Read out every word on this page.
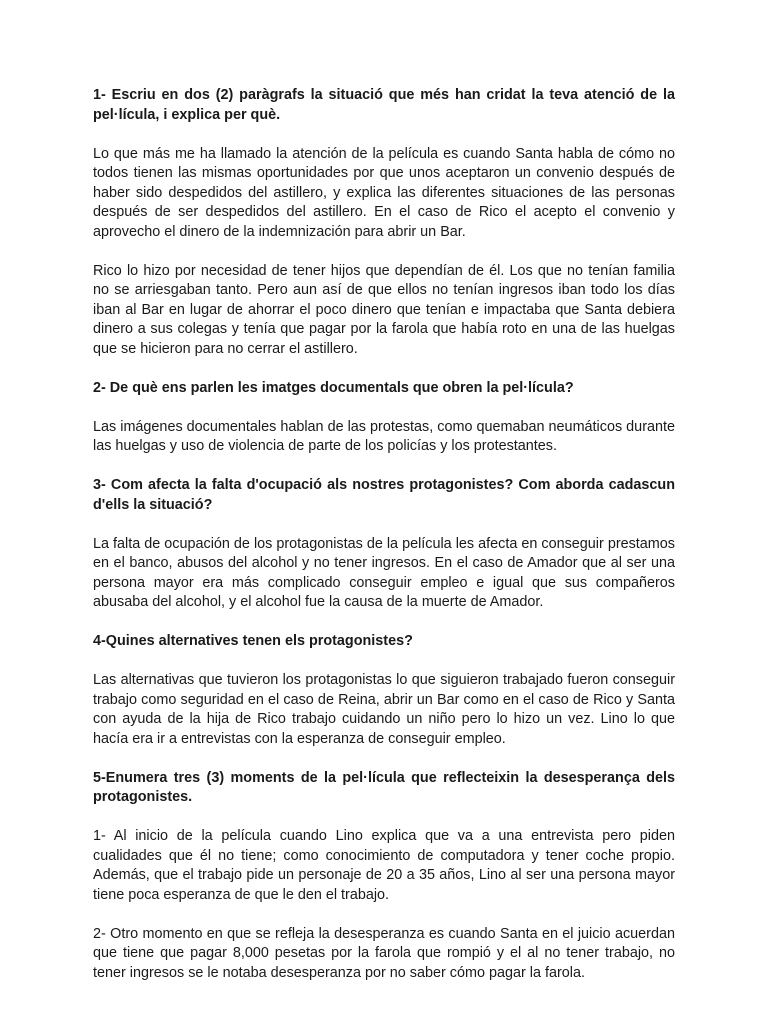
1- Escriu en dos (2) paràgrafs la situació que més han cridat la teva atenció de la pel·lícula, i explica per què.

Lo que más me ha llamado la atención de la película es cuando Santa habla de cómo no todos tienen las mismas oportunidades por que unos aceptaron un convenio después de haber sido despedidos del astillero, y explica las diferentes situaciones de las personas después de ser despedidos del astillero. En el caso de Rico el acepto el convenio y aprovecho el dinero de la indemnización para abrir un Bar.

Rico lo hizo por necesidad de tener hijos que dependían de él. Los que no tenían familia no se arriesgaban tanto. Pero aun así de que ellos no tenían ingresos iban todo los días iban al Bar en lugar de ahorrar el poco dinero que tenían e impactaba que Santa debiera dinero a sus colegas y tenía que pagar por la farola que había roto en una de las huelgas que se hicieron para no cerrar el astillero.

2- De què ens parlen les imatges documentals que obren la pel·lícula?

Las imágenes documentales hablan de las protestas, como quemaban neumáticos durante las huelgas y uso de violencia de parte de los policías y los protestantes.

3- Com afecta la falta d'ocupació als nostres protagonistes? Com aborda cadascun d'ells la situació?

La falta de ocupación de los protagonistas de la película les afecta en conseguir prestamos en el banco, abusos del alcohol y no tener ingresos. En el caso de Amador que al ser una persona mayor era más complicado conseguir empleo e igual que sus compañeros abusaba del alcohol, y el alcohol fue la causa de la muerte de Amador.

4-Quines alternatives tenen els protagonistes?

Las alternativas que tuvieron los protagonistas lo que siguieron trabajado fueron conseguir trabajo como seguridad en el caso de Reina, abrir un Bar como en el caso de Rico y Santa con ayuda de la hija de Rico trabajo cuidando un niño pero lo hizo un vez. Lino lo que hacía era ir a entrevistas con la esperanza de conseguir empleo.

5-Enumera tres (3) moments de la pel·lícula que reflecteixin la desesperança dels protagonistes.

1- Al inicio de la película cuando Lino explica que va a una entrevista pero piden cualidades que él no tiene; como conocimiento de computadora y tener coche propio. Además, que el trabajo pide un personaje de 20 a 35 años, Lino al ser una persona mayor tiene poca esperanza de que le den el trabajo.

2- Otro momento en que se refleja la desesperanza es cuando Santa en el juicio acuerdan que tiene que pagar 8,000 pesetas por la farola que rompió y el al no tener trabajo, no tener ingresos se le notaba desesperanza por no saber cómo pagar la farola.
